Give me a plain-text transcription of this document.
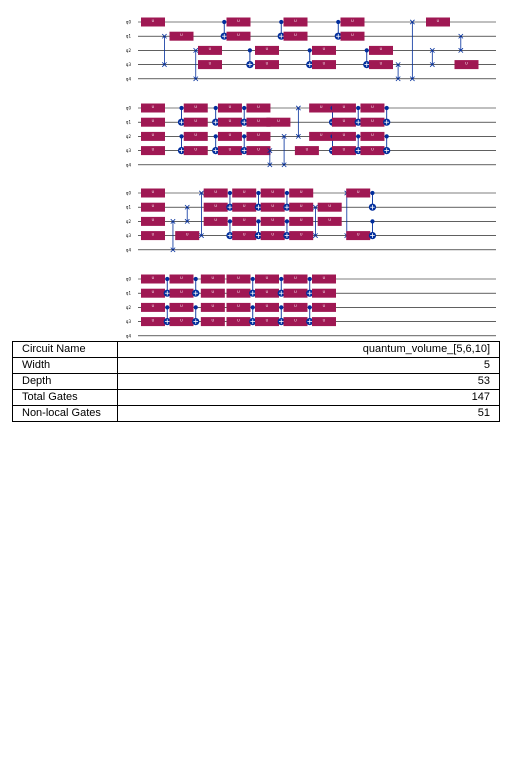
q0
q1
q2
q3
q4
U
U
U
U
U
U
U
U
U
U
U
U
U
U
U
U
U
U
q0
q1
q2
q3
q4
U
U
U
U
U
U
U
U
U
U
U
U
U
U
U
U
U
U
U
U
U
U
U
U
U
U
U
U
q0
q1
q2
q3
q4
U
U
U
U	U
U
U
U
U
U
U
U
U
U
U
U
U
U
U
U
U
U
U
U
q0
q1
q2
q3
q4
U
U
U
U
U
U
U
U
U
U
U
U
U
U
U
U
U
U
U
U
U
U
U
U
U
U
U
U
Circuit Name	quantum_volume_[5,6,10]
Width	5
Depth	53
Total Gates	147
Non-local Gates	51
